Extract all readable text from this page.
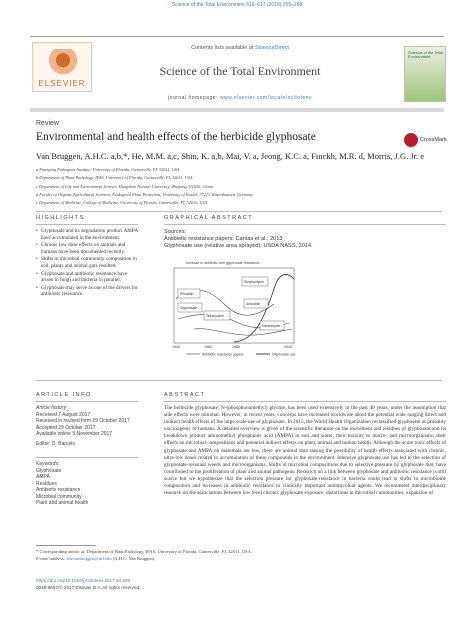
Science of the Total Environment 616–617 (2018) 255–268
ELSEVIER
Contents lists available at ScienceDirect
Science of the Total Environment
journal homepage: www.elsevier.com/locate/scitotenv
Science of the Total Environment
Review
Environmental and health effects of the herbicide glyphosate	CrossMark
Van Bruggen, A.H.C. a,b,*, He, M.M. a,c, Shin, K. a,b, Mai, V. a, Jeong, K.C. a, Finckh, M.R. d, Morris, J.G. Jr. e
a Emerging Pathogens Institute, University of Florida, Gainesville, FL 32611, USA
b Department of Plant Pathology, IFAS, University of Florida, Gainesville, FL 32611, USA
c Department of Life and Environment Science, Hangzhou Normal University, Zhejiang 311036, China
d Faculty of Organic Agricultural Sciences, Ecological Plant Protection, University of Kassel, 37213 Witzenhausen, Germany
e Department of Medicine, College of Medicine, University of Florida, Gainesville, FL 32610, USA
HIGHLIGHTS
• Glyphosate and its degradation product AMPA have accumulated in the environment.
• Chronic low dose effects on animals and humans have been documented recently.
• Shifts in microbial community composition in soil, plants and animal guts resulted.
• Glyphosate and antibiotic resistance have arisen in fungi and bacteria in parallel.
• Glyphosate may serve as one of the drivers for antibiotic resistance.
GRAPHICAL ABSTRACT
Sources:
Antibiotic resistance papers: Cantas et al., 2013
Glyphosate use (relative area sprayed): USDA NASS, 2014.
Increase in antibiotic and glyphosate resistance
Penicillin
Glyphosate
Tetracycline
Streptomycin
Ampicillin
Vancomycin
1940	1962	1980	2010
Antibiotic resistance papers	Glyphosate use
ARTICLE INFO
Article history:
Received 7 August 2017
Received in revised form 29 October 2017
Accepted 29 October 2017
Available online 5 November 2017
Editor: D. Barcelo
Keywords:
Glyphosate
AMPA
Residues
Antibiotic resistance
Microbial community
Plant and animal health
ABSTRACT
The herbicide glyphosate, N-(phosphonomethyl) glycine, has been used extensively in the past 40 years, under the assumption that side effects were minimal. However, in recent years, concerns have increased worldwide about the potential wide ranging direct and indirect health effects of the large scale use of glyphosate. In 2015, the World Health Organization reclassified glyphosate as probably carcinogenic to humans. A detailed overview is given of the scientific literature on the movement and residues of glyphosate and its breakdown product aminomethyl phosphonic acid (AMPA) in soil and water, their toxicity to macro- and microorganisms, their effects on microbial compositions and potential indirect effects on plant, animal and human health. Although the acute toxic effects of glyphosate and AMPA on mammals are low, there are animal data raising the possibility of health effects associated with chronic, ultra-low doses related to accumulation of these compounds in the environment. Intensive glyphosate use has led to the selection of glyphosate-resistant weeds and microorganisms. Shifts in microbial compositions due to selective pressure by glyphosate may have contributed to the proliferation of plant and animal pathogens. Research on a link between glyphosate and antibiotic resistance is still scarce but we hypothesize that the selection pressure for glyphosate-resistance in bacteria could lead to shifts in microbiome composition and increases in antibiotic resistance to clinically important antimicrobial agents. We recommend interdisciplinary research on the associations between low level chronic glyphosate exposure, distortions in microbial communities, expansion of
* Corresponding author at: Department of Plant Pathology, IFAS, University of Florida, Gainesville, FL 32611, USA.
E-mail address: ahcvanbruggen@ufl.edu (A.H.C. Van Bruggen).
https://doi.org/10.1016/j.scitotenv.2017.10.309
0048-9697/© 2017 Elsevier B.V. All rights reserved.
